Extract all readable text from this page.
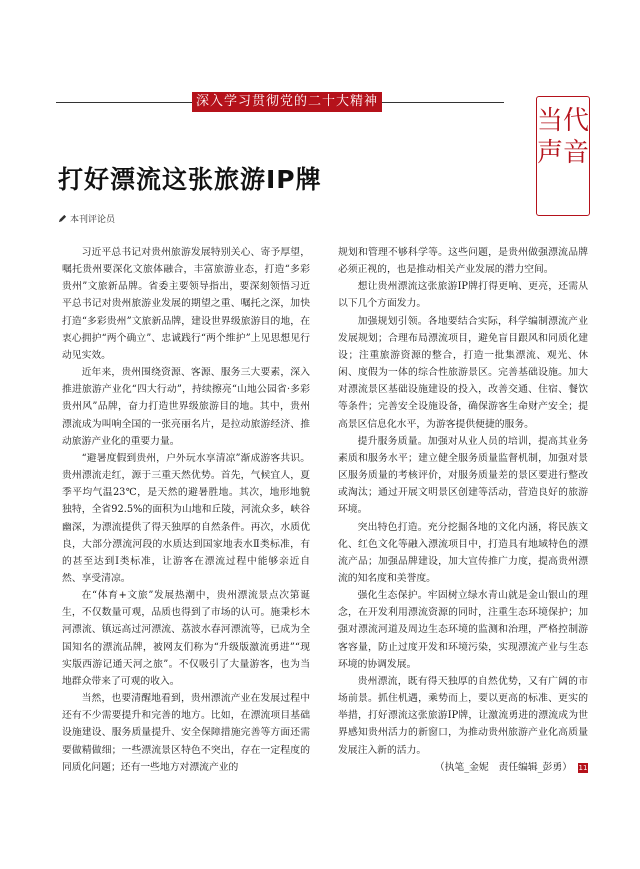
深入学习贯彻党的二十大精神
当代
声音
打好漂流这张旅游IP牌
本刊评论员

习近平总书记对贵州旅游发展特别关心、寄予厚望，嘱托贵州要深化文旅体融合，丰富旅游业态，打造“多彩贵州”文旅新品牌。省委主要领导指出，要深刻领悟习近平总书记对贵州旅游业发展的期望之重、嘱托之深，加快打造“多彩贵州”文旅新品牌，建设世界级旅游目的地，在衷心拥护“两个确立”、忠诚践行“两个维护”上见思想见行动见实效。

近年来，贵州围绕资源、客源、服务三大要素，深入推进旅游产业化“四大行动”，持续擦亮“山地公园省·多彩贵州风”品牌，奋力打造世界级旅游目的地。其中，贵州漂流成为叫响全国的一张亮丽名片，是拉动旅游经济、推动旅游产业化的重要力量。

“避暑度假到贵州，户外玩水享清凉”渐成游客共识。贵州漂流走红，源于三重天然优势。首先，气候宜人，夏季平均气温23℃，是天然的避暑胜地。其次，地形地貌独特，全省92.5%的面积为山地和丘陵，河流众多，峡谷幽深，为漂流提供了得天独厚的自然条件。再次，水质优良，大部分漂流河段的水质达到国家地表水Ⅱ类标准，有的甚至达到Ⅰ类标准，让游客在漂流过程中能够亲近自然、享受清凉。

在“体育+文旅”发展热潮中，贵州漂流景点次第诞生，不仅数量可观，品质也得到了市场的认可。施秉杉木河漂流、镇远高过河漂流、荔波水春河漂流等，已成为全国知名的漂流品牌，被网友们称为“升级版激流勇进”“现实版西游记通天河之旅”。不仅吸引了大量游客，也为当地群众带来了可观的收入。

当然，也要清醒地看到，贵州漂流产业在发展过程中还有不少需要提升和完善的地方。比如，在漂流项目基础设施建设、服务质量提升、安全保障措施完善等方面还需要做精做细；一些漂流景区特色不突出，存在一定程度的同质化问题；还有一些地方对漂流产业的

规划和管理不够科学等。这些问题，是贵州做强漂流品牌必须正视的，也是推动相关产业发展的潜力空间。

想让贵州漂流这张旅游IP牌打得更响、更亮，还需从以下几个方面发力。

加强规划引领。各地要结合实际，科学编制漂流产业发展规划；合理布局漂流项目，避免盲目跟风和同质化建设；注重旅游资源的整合，打造一批集漂流、观光、休闲、度假为一体的综合性旅游景区。完善基础设施。加大对漂流景区基础设施建设的投入，改善交通、住宿、餐饮等条件；完善安全设施设备，确保游客生命财产安全；提高景区信息化水平，为游客提供便捷的服务。

提升服务质量。加强对从业人员的培训，提高其业务素质和服务水平；建立健全服务质量监督机制，加强对景区服务质量的考核评价，对服务质量差的景区要进行整改或淘汰；通过开展文明景区创建等活动，营造良好的旅游环境。

突出特色打造。充分挖掘各地的文化内涵，将民族文化、红色文化等融入漂流项目中，打造具有地域特色的漂流产品；加强品牌建设，加大宣传推广力度，提高贵州漂流的知名度和美誉度。

强化生态保护。牢固树立绿水青山就是金山银山的理念，在开发利用漂流资源的同时，注重生态环境保护；加强对漂流河道及周边生态环境的监测和治理，严格控制游客容量，防止过度开发和环境污染，实现漂流产业与生态环境的协调发展。

贵州漂流，既有得天独厚的自然优势，又有广阔的市场前景。抓住机遇，乘势而上，要以更高的标准、更实的举措，打好漂流这张旅游IP牌，让激流勇进的漂流成为世界感知贵州活力的新窗口，为推动贵州旅游产业化高质量发展注入新的活力。

（执笔_金妮　责任编辑_彭勇） 11
